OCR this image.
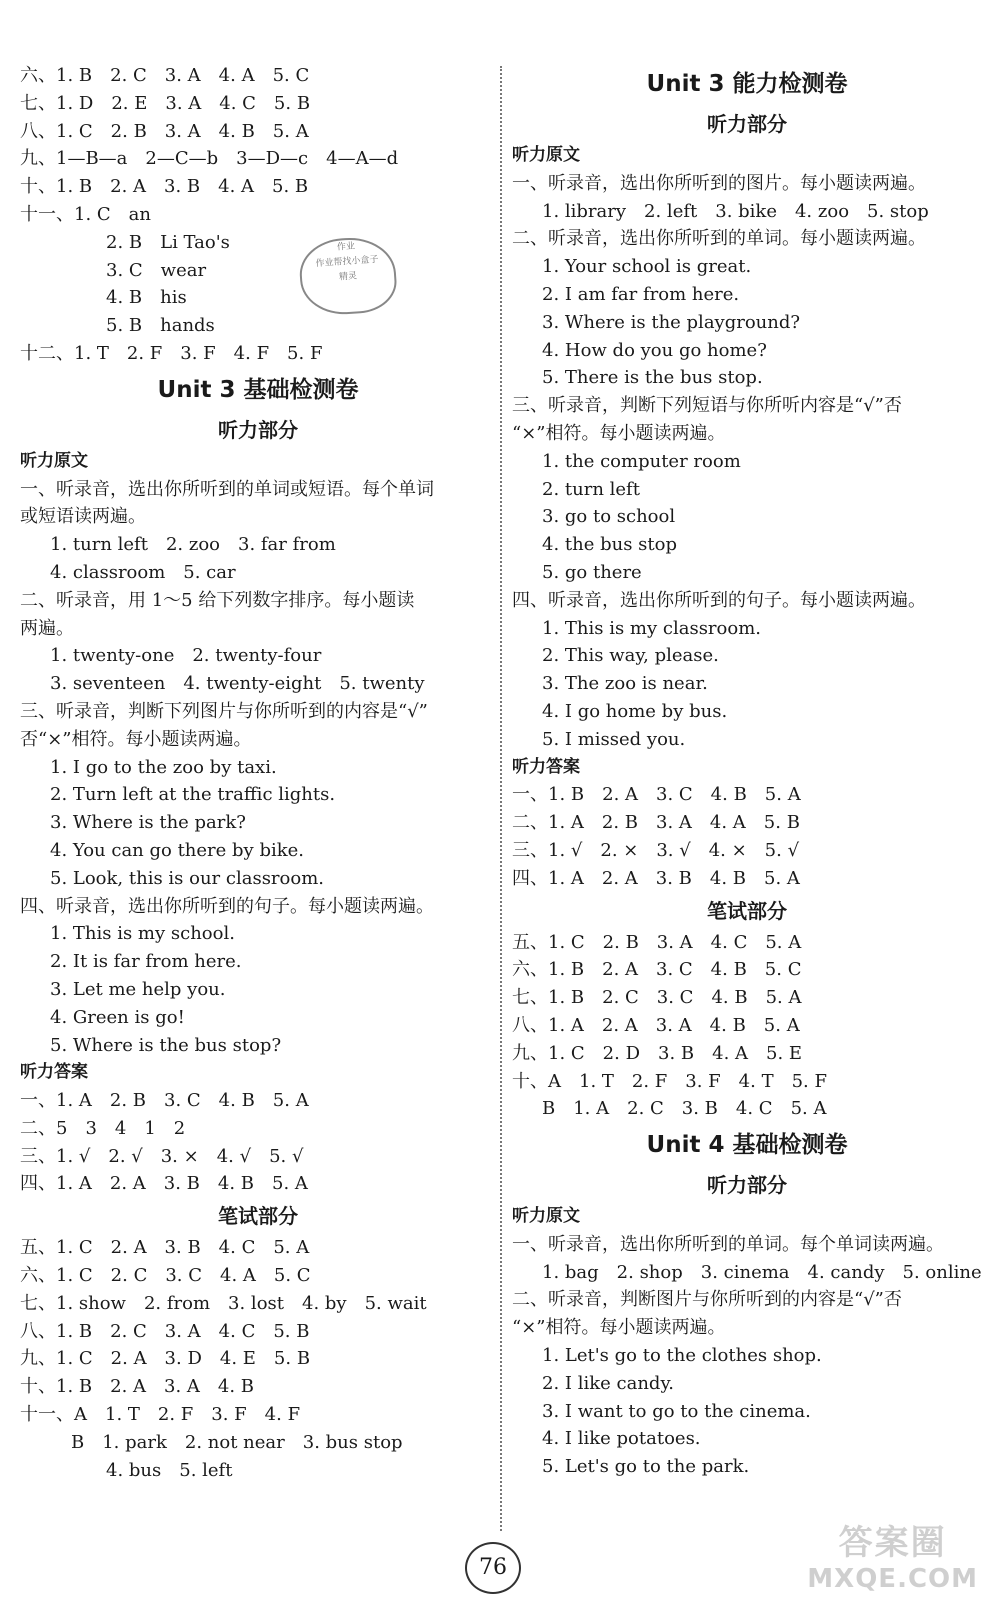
六、1. B　2. C　3. A　4. A　5. C
七、1. D　2. E　3. A　4. C　5. B
八、1. C　2. B　3. A　4. B　5. A
九、1—B—a　2—C—b　3—D—c　4—A—d
十、1. B　2. A　3. B　4. A　5. B
十一、1. C　an
2. B　Li Tao's
3. C　wear
4. B　his
5. B　hands
十二、1. T　2. F　3. F　4. F　5. F
Unit 3 基础检测卷
听力部分
听力原文
一、听录音，选出你所听到的单词或短语。每个单词
或短语读两遍。
1. turn left　2. zoo　3. far from
4. classroom　5. car
二、听录音，用 1～5 给下列数字排序。每小题读
两遍。
1. twenty-one　2. twenty-four
3. seventeen　4. twenty-eight　5. twenty
三、听录音，判断下列图片与你所听到的内容是“√”
否“×”相符。每小题读两遍。
1. I go to the zoo by taxi.
2. Turn left at the traffic lights.
3. Where is the park?
4. You can go there by bike.
5. Look, this is our classroom.
四、听录音，选出你所听到的句子。每小题读两遍。
1. This is my school.
2. It is far from here.
3. Let me help you.
4. Green is go!
5. Where is the bus stop?
听力答案
一、1. A　2. B　3. C　4. B　5. A
二、5　3　4　1　2
三、1. √　2. √　3. ×　4. √　5. √
四、1. A　2. A　3. B　4. B　5. A
笔试部分
五、1. C　2. A　3. B　4. C　5. A
六、1. C　2. C　3. C　4. A　5. C
七、1. show　2. from　3. lost　4. by　5. wait
八、1. B　2. C　3. A　4. C　5. B
九、1. C　2. A　3. D　4. E　5. B
十、1. B　2. A　3. A　4. B
十一、A　1. T　2. F　3. F　4. F
B　1. park　2. not near　3. bus stop
4. bus　5. left
Unit 3 能力检测卷
听力部分
听力原文
一、听录音，选出你所听到的图片。每小题读两遍。
1. library　2. left　3. bike　4. zoo　5. stop
二、听录音，选出你所听到的单词。每小题读两遍。
1. Your school is great.
2. I am far from here.
3. Where is the playground?
4. How do you go home?
5. There is the bus stop.
三、听录音，判断下列短语与你所听内容是“√”否
“×”相符。每小题读两遍。
1. the computer room
2. turn left
3. go to school
4. the bus stop
5. go there
四、听录音，选出你所听到的句子。每小题读两遍。
1. This is my classroom.
2. This way, please.
3. The zoo is near.
4. I go home by bus.
5. I missed you.
听力答案
一、1. B　2. A　3. C　4. B　5. A
二、1. A　2. B　3. A　4. A　5. B
三、1. √　2. ×　3. √　4. ×　5. √
四、1. A　2. A　3. B　4. B　5. A
笔试部分
五、1. C　2. B　3. A　4. C　5. A
六、1. B　2. A　3. C　4. B　5. C
七、1. B　2. C　3. C　4. B　5. A
八、1. A　2. A　3. A　4. B　5. A
九、1. C　2. D　3. B　4. A　5. E
十、A　1. T　2. F　3. F　4. T　5. F
B　1. A　2. C　3. B　4. C　5. A
Unit 4 基础检测卷
听力部分
听力原文
一、听录音，选出你所听到的单词。每个单词读两遍。
1. bag　2. shop　3. cinema　4. candy　5. online
二、听录音，判断图片与你所听到的内容是“√”否
“×”相符。每小题读两遍。
1. Let's go to the clothes shop.
2. I like candy.
3. I want to go to the cinema.
4. I like potatoes.
5. Let's go to the park.
作业
作业帮找小盒子
精灵
76
答案圈
MXQE.COM
